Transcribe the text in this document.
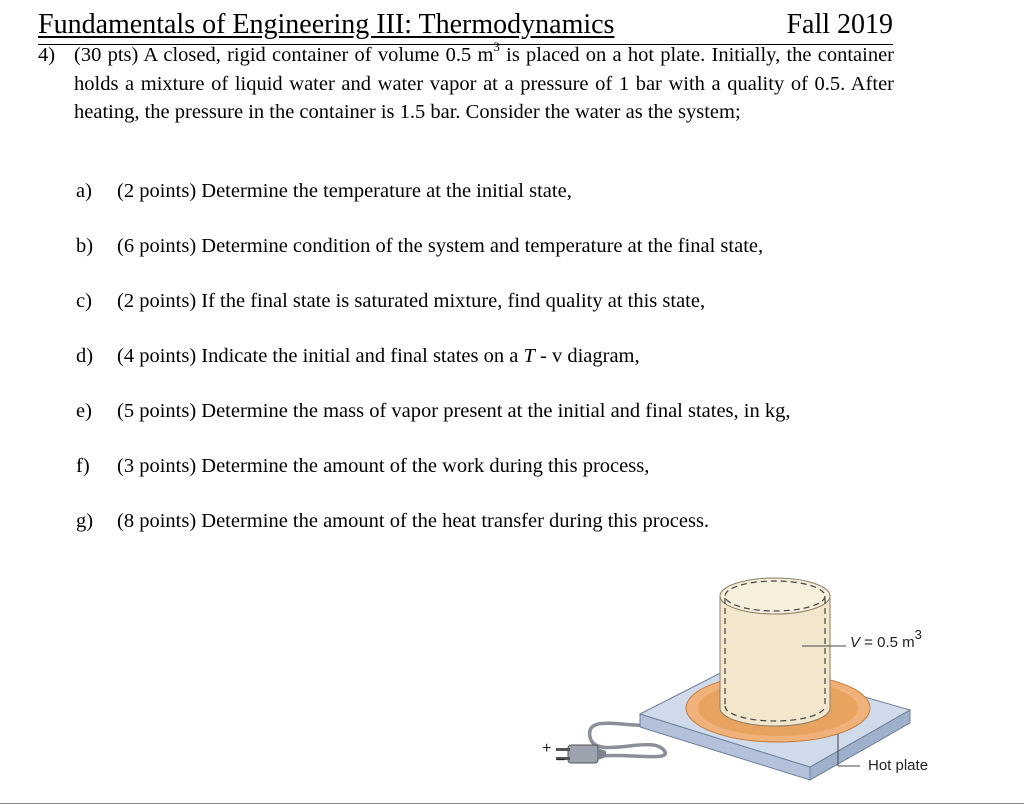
Fundamentals of Engineering III: Thermodynamics	Fall 2019
4) (30 pts) A closed, rigid container of volume 0.5 $m^3$ is placed on a hot plate. Initially, the container holds a mixture of liquid water and water vapor at a pressure of 1 bar with a quality of 0.5. After heating, the pressure in the container is 1.5 bar. Consider the water as the system;
a) (2 points) Determine the temperature at the initial state,
b) (6 points) Determine condition of the system and temperature at the final state,
c) (2 points) If the final state is saturated mixture, find quality at this state,
d) (4 points) Indicate the initial and final states on a T - v diagram,
e) (5 points) Determine the mass of vapor present at the initial and final states, in kg,
f) (3 points) Determine the amount of the work during this process,
g) (8 points) Determine the amount of the heat transfer during this process.
V = 0.5 $m^3$
Hot plate
+
−
